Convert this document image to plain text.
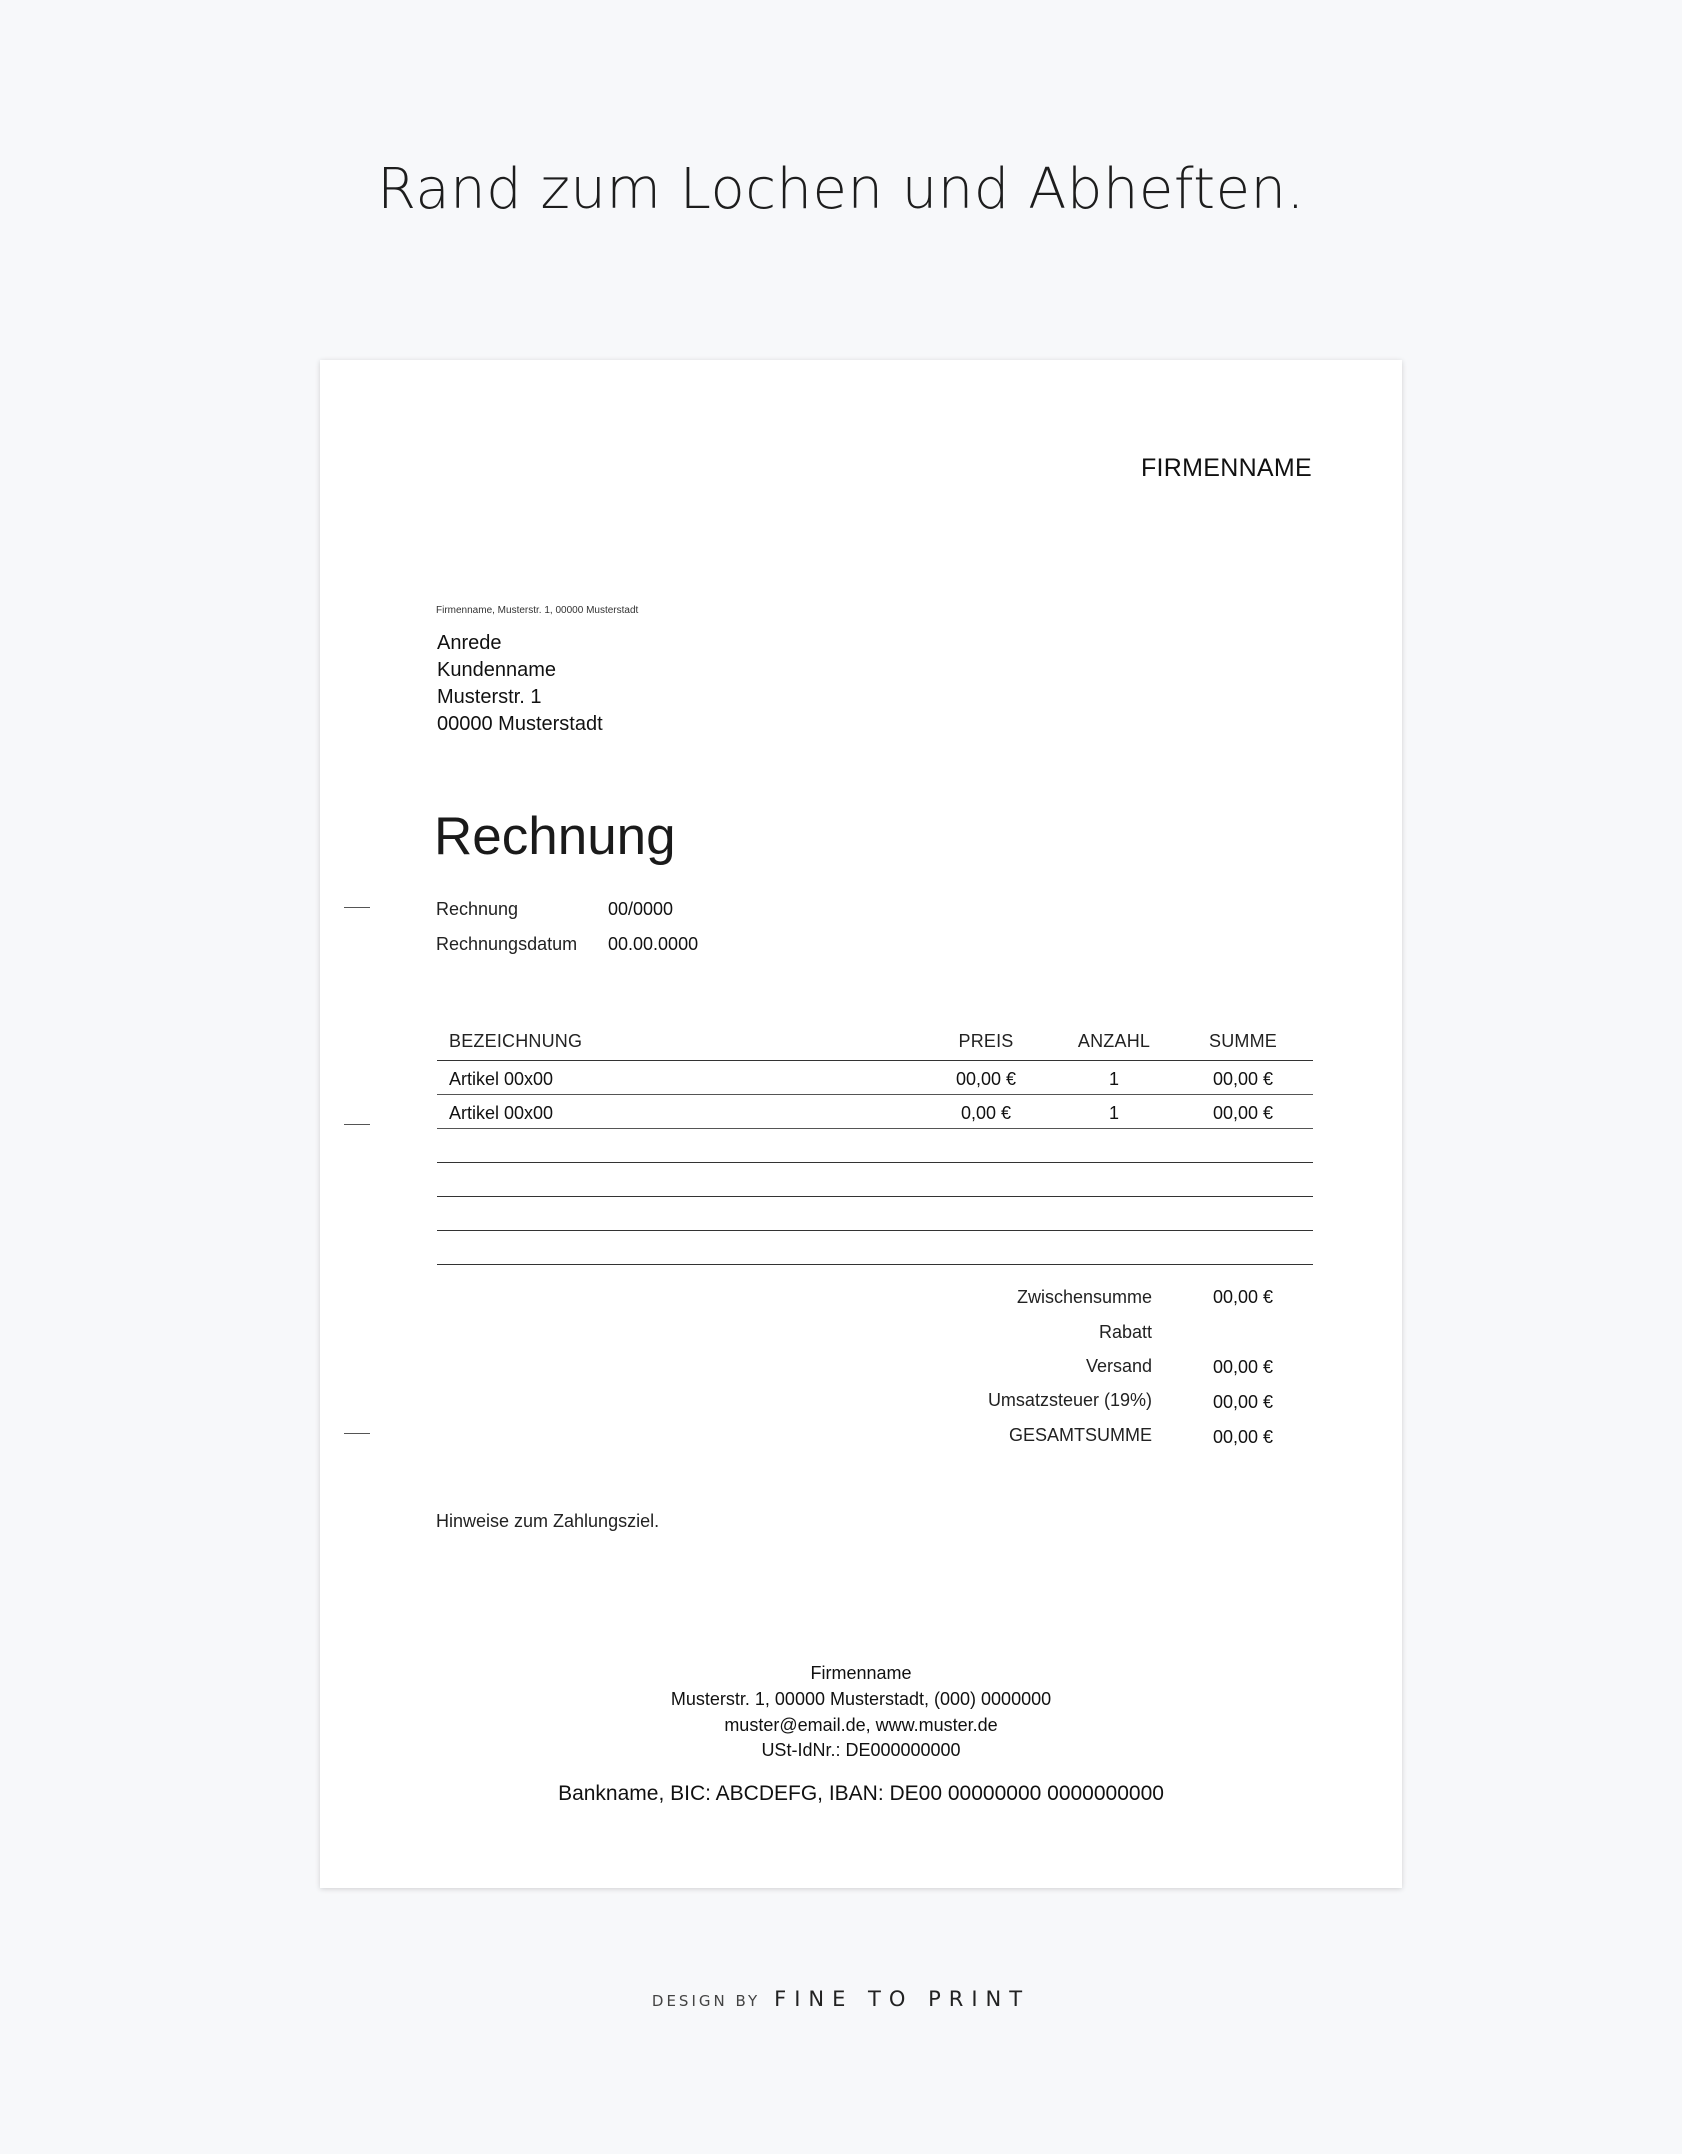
Rand zum Lochen und Abheften.
FIRMENNAME
Firmenname, Musterstr. 1, 00000 Musterstadt
Anrede
Kundenname
Musterstr. 1
00000 Musterstadt
Rechnung
Rechnung	00/0000
Rechnungsdatum 00.00.0000
BEZEICHNUNG	PREIS	ANZAHL	SUMME
Artikel 00x00	00,00 €	1	00,00 €
Artikel 00x00	0,00 €	1	00,00 €
Zwischensumme	00,00 €
Rabatt
Versand	00,00 €
Umsatzsteuer (19%)	00,00 €
GESAMTSUMME	00,00 €
Hinweise zum Zahlungsziel.
Firmenname
Musterstr. 1, 00000 Musterstadt, (000) 0000000
muster@email.de, www.muster.de
USt-IdNr.: DE000000000
Bankname, BIC: ABCDEFG, IBAN: DE00 00000000 0000000000
DESIGN BY FINE TO PRINT
